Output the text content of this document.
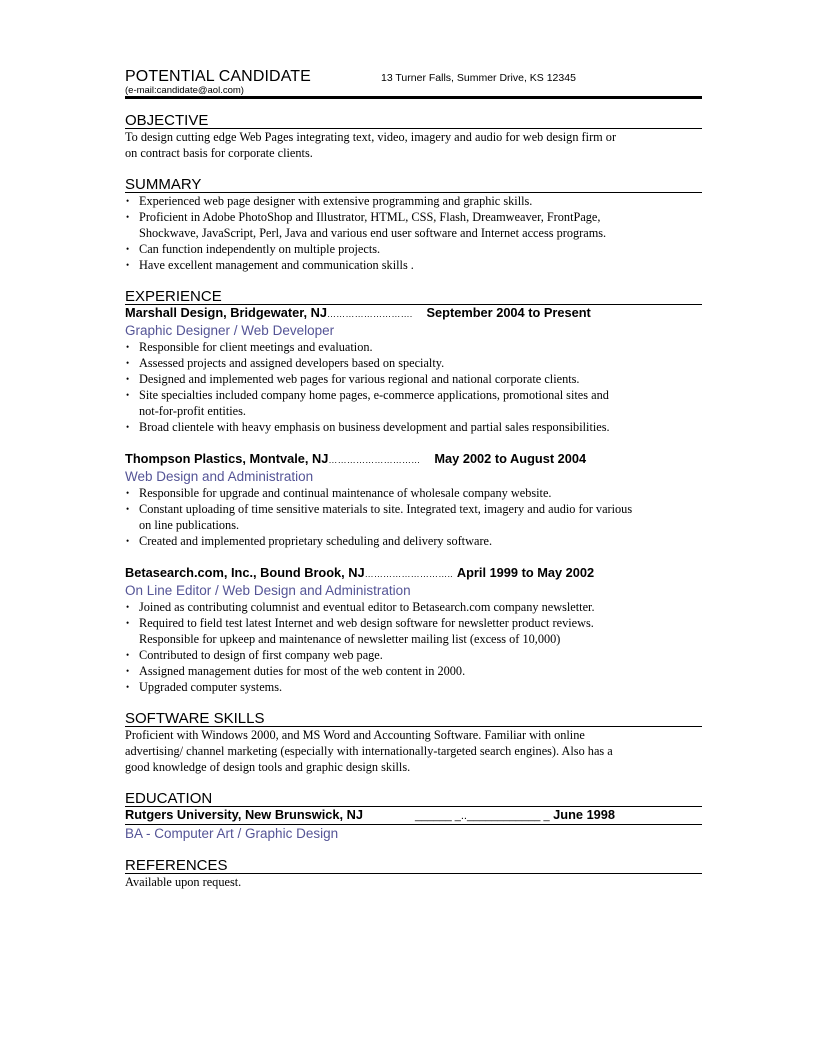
POTENTIAL CANDIDATE	13 Turner Falls, Summer Drive, KS 12345
(e-mail:candidate@aol.com)
OBJECTIVE

To design cutting edge Web Pages integrating text, video, imagery and audio for web design firm or

on contract basis for corporate clients.

SUMMARY
• Experienced web page designer with extensive programming and graphic skills.
• Proficient in Adobe PhotoShop and Illustrator, HTML, CSS, Flash, Dreamweaver, FrontPage,
Shockwave, JavaScript, Perl, Java and various end user software and Internet access programs.
• Can function independently on multiple projects.
• Have excellent management and communication skills .
EXPERIENCE
Marshall Design, Bridgewater, NJ………………………. September 2004 to Present
Graphic Designer / Web Developer
• Responsible for client meetings and evaluation.
• Assessed projects and assigned developers based on specialty.
• Designed and implemented web pages for various regional and national corporate clients.
• Site specialties included company home pages, e-commerce applications, promotional sites and
not-for-profit entities.
• Broad clientele with heavy emphasis on business development and partial sales responsibilities.
Thompson Plastics, Montvale, NJ………………………… May 2002 to August 2004
Web Design and Administration
• Responsible for upgrade and continual maintenance of wholesale company website.
• Constant uploading of time sensitive materials to site. Integrated text, imagery and audio for various
on line publications.
• Created and implemented proprietary scheduling and delivery software.
Betasearch.com, Inc., Bound Brook, NJ……………………….. April 1999 to May 2002
On Line Editor / Web Design and Administration
• Joined as contributing columnist and eventual editor to Betasearch.com company newsletter.
• Required to field test latest Internet and web design software for newsletter product reviews.
Responsible for upkeep and maintenance of newsletter mailing list (excess of 10,000)
• Contributed to design of first company web page.
• Assigned management duties for most of the web content in 2000.
• Upgraded computer systems.
SOFTWARE SKILLS

Proficient with Windows 2000, and MS Word and Accounting Software. Familiar with online

advertising/ channel marketing (especially with internationally-targeted search engines). Also has a

good knowledge of design tools and graphic design skills.

EDUCATION
Rutgers University, New Brunswick, NJ	______ _..____________ _ June 1998
BA - Computer Art / Graphic Design
REFERENCES

Available upon request.
